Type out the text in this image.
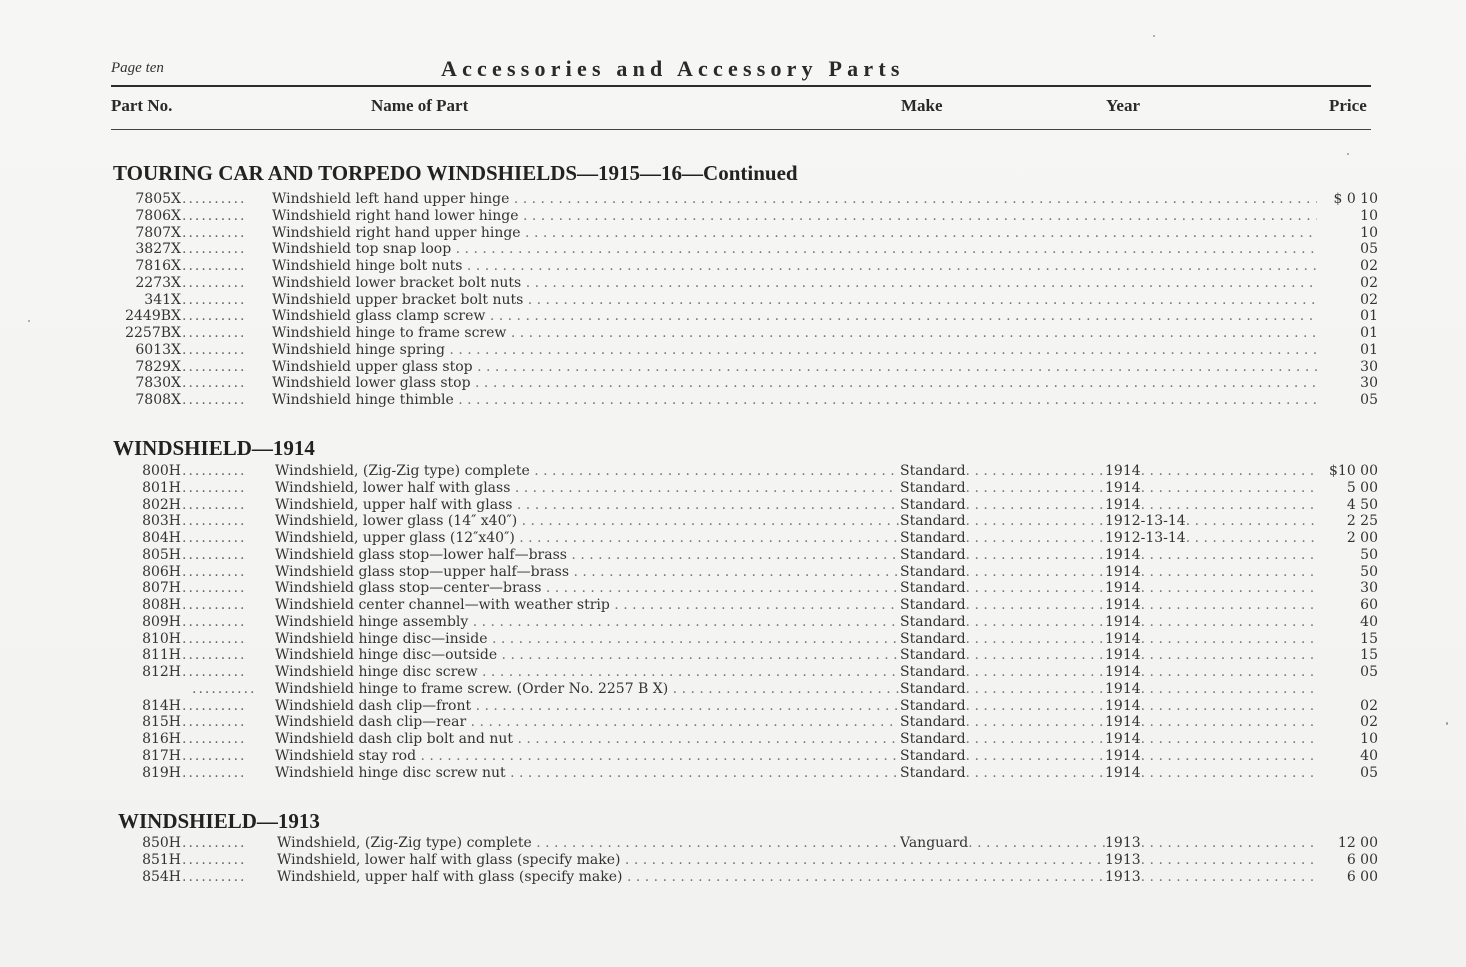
Page ten	Accessories and Accessory Parts
Part No.	Name of Part	Make	Year	Price
TOURING CAR AND TORPEDO WINDSHIELDS—1915—16—Continued
7805X ..........	Windshield left hand upper hinge . . .	$ 0 10
7806X ..........	Windshield right hand lower hinge . . .	10
7807X ..........	Windshield right hand upper hinge . . .	10
3827X ..........	Windshield top snap loop . . .	05
7816X ..........	Windshield hinge bolt nuts . . .	02
2273X ..........	Windshield lower bracket bolt nuts . . .	02
341X ..........	Windshield upper bracket bolt nuts . . .	02
2449BX ..........	Windshield glass clamp screw . . .	01
2257BX ..........	Windshield hinge to frame screw . . .	01
6013X ..........	Windshield hinge spring . . .	01
7829X ..........	Windshield upper glass stop . . .	30
7830X ..........	Windshield lower glass stop . . .	30
7808X ..........	Windshield hinge thimble . . .	05
WINDSHIELD—1914
800H ..........	Windshield, (Zig-Zig type) complete . . .	Standard . . .	1914 . . .	$10 00
801H ..........	Windshield, lower half with glass . . .	Standard . . .	1914 . . .	5 00
802H ..........	Windshield, upper half with glass . . .	Standard . . .	1914 . . .	4 50
803H ..........	Windshield, lower glass (14″ x40″) . . .	Standard . . .	1912-13-14 . . .	2 25
804H ..........	Windshield, upper glass (12″x40″) . . .	Standard . . .	1912-13-14 . . .	2 00
805H ..........	Windshield glass stop—lower half—brass . . .	Standard . . .	1914 . . .	50
806H ..........	Windshield glass stop—upper half—brass . . .	Standard . . .	1914 . . .	50
807H ..........	Windshield glass stop—center—brass . . .	Standard . . .	1914 . . .	30
808H ..........	Windshield center channel—with weather strip . . .	Standard . . .	1914 . . .	60
809H ..........	Windshield hinge assembly . . .	Standard . . .	1914 . . .	40
810H ..........	Windshield hinge disc—inside . . .	Standard . . .	1914 . . .	15
811H ..........	Windshield hinge disc—outside . . .	Standard . . .	1914 . . .	15
812H ..........	Windshield hinge disc screw . . .	Standard . . .	1914 . . .	05
..........	Windshield hinge to frame screw. (Order No. 2257 B X) . . .	Standard . . .	1914 . . .
814H ..........	Windshield dash clip—front . . .	Standard . . .	1914 . . .	02
815H ..........	Windshield dash clip—rear . . .	Standard . . .	1914 . . .	02
816H ..........	Windshield dash clip bolt and nut . . .	Standard . . .	1914 . . .	10
817H ..........	Windshield stay rod . . .	Standard . . .	1914 . . .	40
819H ..........	Windshield hinge disc screw nut . . .	Standard . . .	1914 . . .	05
WINDSHIELD—1913
850H ..........	Windshield, (Zig-Zig type) complete . . .	Vanguard . . .	1913 . . .	12 00
851H ..........	Windshield, lower half with glass (specify make) . . .	1913 . . .	6 00
854H ..........	Windshield, upper half with glass (specify make) . . .	1913 . . .	6 00
